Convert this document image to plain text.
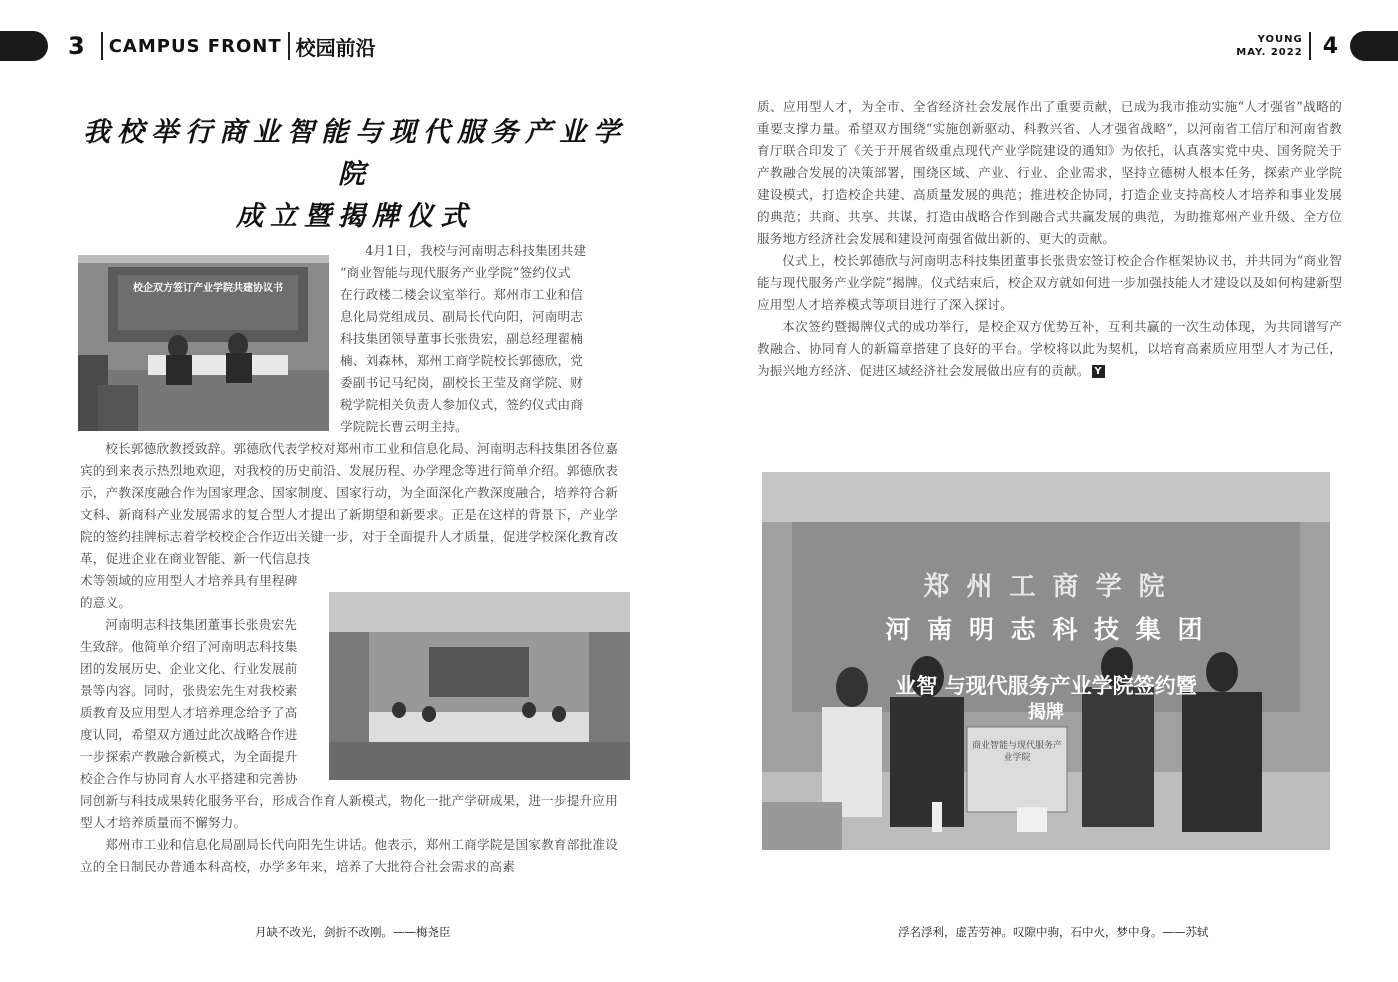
3 CAMPUS FRONT 校园前沿	YOUNG
MAY. 2022 4
我校举行商业智能与现代服务产业学院
成立暨揭牌仪式
校企双方签订产业学院共建协议书
4月1日，我校与河南明志科技集团共建
“商业智能与现代服务产业学院”签约仪式
在行政楼二楼会议室举行。郑州市工业和信
息化局党组成员、副局长代向阳，河南明志
科技集团领导董事长张贵宏，副总经理翟楠
楠、刘森林，郑州工商学院校长郭德欣，党
委副书记马纪岗，副校长王莹及商学院、财
税学院相关负责人参加仪式，签约仪式由商
学院院长曹云明主持。

校长郭德欣教授致辞。郭德欣代表学校对郑州市工业和信息化局、河南明志科技集团各位嘉宾的到来表示热烈地欢迎，对我校的历史前沿、发展历程、办学理念等进行简单介绍。郭德欣表示，产教深度融合作为国家理念、国家制度、国家行动，为全面深化产教深度融合，培养符合新文科、新商科产业发展需求的复合型人才提出了新期望和新要求。正是在这样的背景下，产业学院的签约挂牌标志着学校校企合作迈出关键一步，对于全面提升人才质量，促进学校深化教育改革，促进企业在商业智能、新一代信息技

术等领域的应用型人才培养具有里程碑
的意义。
河南明志科技集团董事长张贵宏先
生致辞。他简单介绍了河南明志科技集
团的发展历史、企业文化、行业发展前
景等内容。同时，张贵宏先生对我校素
质教育及应用型人才培养理念给予了高
度认同，希望双方通过此次战略合作进
一步探索产教融合新模式，为全面提升
校企合作与协同育人水平搭建和完善协
同创新与科技成果转化服务平台，形成合作育人新模式，物化一批产学研成果，进一步提升应用型人才培养质量而不懈努力。

郑州市工业和信息化局副局长代向阳先生讲话。他表示，郑州工商学院是国家教育部批准设立的全日制民办普通本科高校，办学多年来，培养了大批符合社会需求的高素

质、应用型人才，为全市、全省经济社会发展作出了重要贡献，已成为我市推动实施“人才强省”战略的重要支撑力量。希望双方围绕“实施创新驱动、科教兴省、人才强省战略”，以河南省工信厅和河南省教育厅联合印发了《关于开展省级重点现代产业学院建设的通知》为依托，认真落实党中央、国务院关于产教融合发展的决策部署，围绕区域、产业、行业、企业需求，坚持立德树人根本任务，探索产业学院建设模式，打造校企共建、高质量发展的典范；推进校企协同，打造企业支持高校人才培养和事业发展的典范；共商、共享、共谋，打造由战略合作到融合式共赢发展的典范，为助推郑州产业升级、全方位服务地方经济社会发展和建设河南强省做出新的、更大的贡献。

仪式上，校长郭德欣与河南明志科技集团董事长张贵宏签订校企合作框架协议书，并共同为“商业智能与现代服务产业学院”揭牌。仪式结束后，校企双方就如何进一步加强技能人才建设以及如何构建新型应用型人才培养模式等项目进行了深入探讨。

本次签约暨揭牌仪式的成功举行，是校企双方优势互补，互利共赢的一次生动体现，为共同谱写产教融合、协同育人的新篇章搭建了良好的平台。学校将以此为契机，以培育高素质应用型人才为己任，为振兴地方经济、促进区域经济社会发展做出应有的贡献。 Y

郑 州 工 商 学 院
河 南 明 志 科 技 集 团
业智 与现代服务产业学院签约暨
揭牌
商业智能与现代服务产业学院
月缺不改光，剑折不改刚。——梅尧臣	浮名浮利，虚苦劳神。叹隙中驹，石中火，梦中身。——苏轼
